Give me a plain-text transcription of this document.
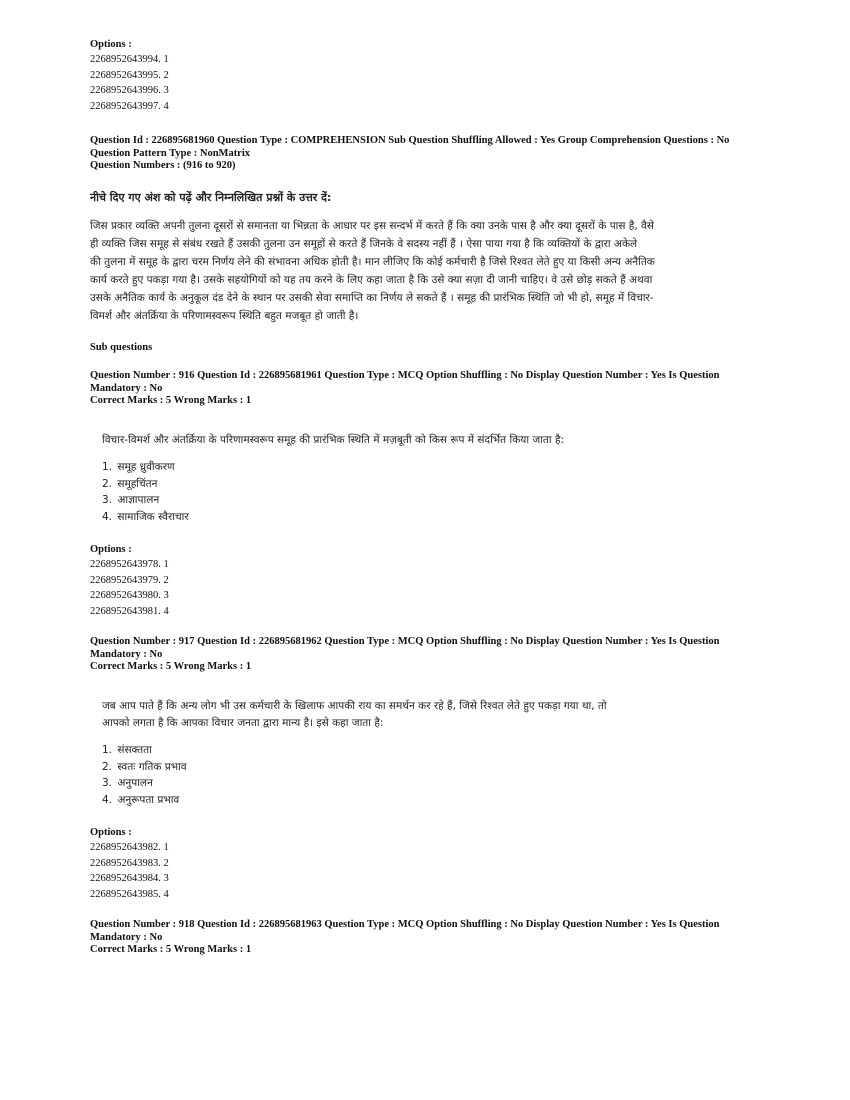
Options :
2268952643994. 1
2268952643995. 2
2268952643996. 3
2268952643997. 4
Question Id : 226895681960 Question Type : COMPREHENSION Sub Question Shuffling Allowed : Yes Group Comprehension Questions : No
Question Pattern Type : NonMatrix
Question Numbers : (916 to 920)
नीचे दिए गए अंश को पढ़ें और निम्नलिखित प्रश्नों के उत्तर दें:
जिस प्रकार व्यक्ति अपनी तुलना दूसरों से समानता या भिन्नता के आधार पर इस सन्दर्भ में करते हैं कि क्या उनके पास है और क्या दूसरों के पास है, वैसे
ही व्यक्ति जिस समूह से संबंध रखते हैं उसकी तुलना उन समूहों से करते हैं जिनके वे सदस्य नहीं हैं । ऐसा पाया गया है कि व्यक्तियों के द्वारा अकेले
की तुलना में समूह के द्वारा चरम निर्णय लेने की संभावना अधिक होती है। मान लीजिए कि कोई कर्मचारी है जिसे रिश्वत लेते हुए या किसी अन्य अनैतिक
कार्य करते हुए पकड़ा गया है। उसके सहयोगियों को यह तय करने के लिए कहा जाता है कि उसे क्या सज़ा दी जानी चाहिए। वे उसे छोड़ सकते हैं अथवा
उसके अनैतिक कार्य के अनुकूल दंड देने के स्थान पर उसकी सेवा समाप्ति का निर्णय ले सकते हैं । समूह की प्रारंभिक स्थिति जो भी हो, समूह में विचार-
विमर्श और अंतर्क्रिया के परिणामस्वरूप स्थिति बहुत मजबूत हो जाती है।
Sub questions
Question Number : 916 Question Id : 226895681961 Question Type : MCQ Option Shuffling : No Display Question Number : Yes Is Question
Mandatory : No
Correct Marks : 5 Wrong Marks : 1
विचार-विमर्श और अंतर्क्रिया के परिणामस्वरूप समूह की प्रारंभिक स्थिति में मज़बूती को किस रूप में संदर्भित किया जाता है:
1. समूह ध्रुवीकरण
2. समूहचिंतन
3. आज्ञापालन
4. सामाजिक स्वैराचार
Options :
2268952643978. 1
2268952643979. 2
2268952643980. 3
2268952643981. 4
Question Number : 917 Question Id : 226895681962 Question Type : MCQ Option Shuffling : No Display Question Number : Yes Is Question
Mandatory : No
Correct Marks : 5 Wrong Marks : 1
जब आप पाते हैं कि अन्य लोग भी उस कर्मचारी के खिलाफ आपकी राय का समर्थन कर रहे हैं, जिसे रिश्वत लेते हुए पकड़ा गया था, तो
आपको लगता है कि आपका विचार जनता द्वारा मान्य है। इसे कहा जाता है:
1. संसक्तता
2. स्वतः गतिक प्रभाव
3. अनुपालन
4. अनुरूपता प्रभाव
Options :
2268952643982. 1
2268952643983. 2
2268952643984. 3
2268952643985. 4
Question Number : 918 Question Id : 226895681963 Question Type : MCQ Option Shuffling : No Display Question Number : Yes Is Question
Mandatory : No
Correct Marks : 5 Wrong Marks : 1
